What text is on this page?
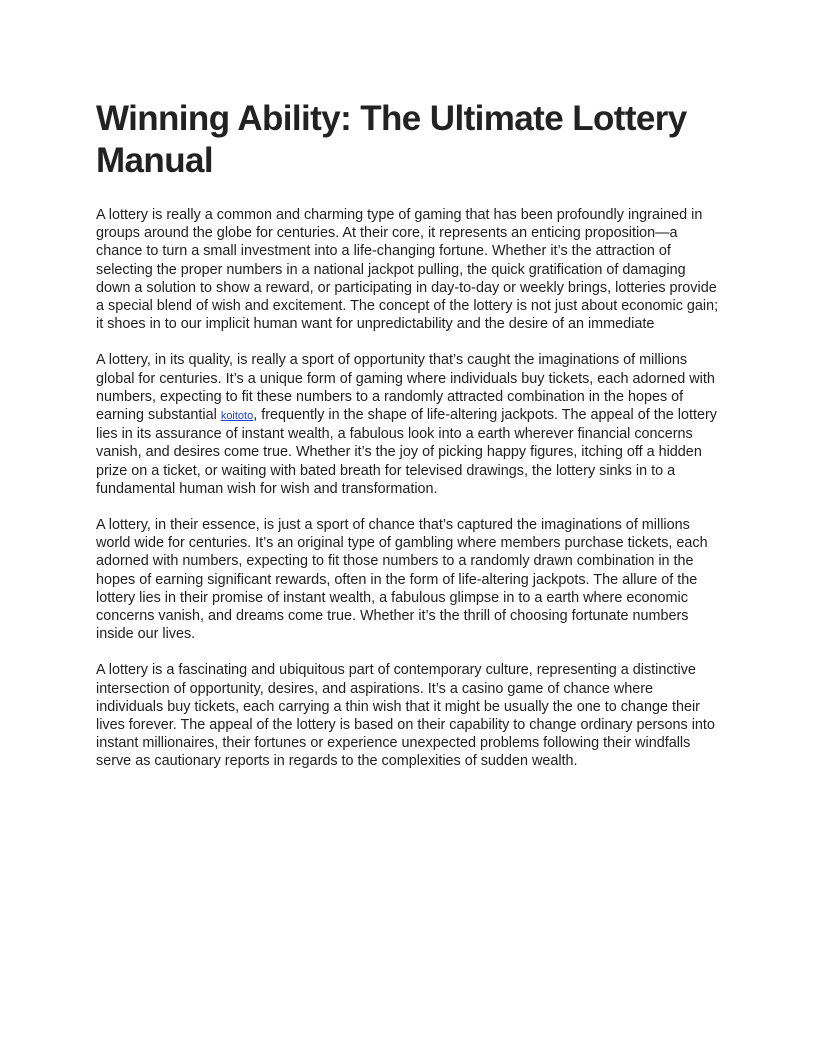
Winning Ability: The Ultimate Lottery Manual

A lottery is really a common and charming type of gaming that has been profoundly ingrained in groups around the globe for centuries. At their core, it represents an enticing proposition—a chance to turn a small investment into a life-changing fortune. Whether it’s the attraction of selecting the proper numbers in a national jackpot pulling, the quick gratification of damaging down a solution to show a reward, or participating in day-to-day or weekly brings, lotteries provide a special blend of wish and excitement. The concept of the lottery is not just about economic gain; it shoes in to our implicit human want for unpredictability and the desire of an immediate

A lottery, in its quality, is really a sport of opportunity that’s caught the imaginations of millions global for centuries. It’s a unique form of gaming where individuals buy tickets, each adorned with numbers, expecting to fit these numbers to a randomly attracted combination in the hopes of earning substantial koitoto, frequently in the shape of life-altering jackpots. The appeal of the lottery lies in its assurance of instant wealth, a fabulous look into a earth wherever financial concerns vanish, and desires come true. Whether it’s the joy of picking happy figures, itching off a hidden prize on a ticket, or waiting with bated breath for televised drawings, the lottery sinks in to a fundamental human wish for wish and transformation.

A lottery, in their essence, is just a sport of chance that’s captured the imaginations of millions world wide for centuries. It’s an original type of gambling where members purchase tickets, each adorned with numbers, expecting to fit those numbers to a randomly drawn combination in the hopes of earning significant rewards, often in the form of life-altering jackpots. The allure of the lottery lies in their promise of instant wealth, a fabulous glimpse in to a earth where economic concerns vanish, and dreams come true. Whether it’s the thrill of choosing fortunate numbers inside our lives.

A lottery is a fascinating and ubiquitous part of contemporary culture, representing a distinctive intersection of opportunity, desires, and aspirations. It’s a casino game of chance where individuals buy tickets, each carrying a thin wish that it might be usually the one to change their lives forever. The appeal of the lottery is based on their capability to change ordinary persons into instant millionaires, their fortunes or experience unexpected problems following their windfalls serve as cautionary reports in regards to the complexities of sudden wealth.
